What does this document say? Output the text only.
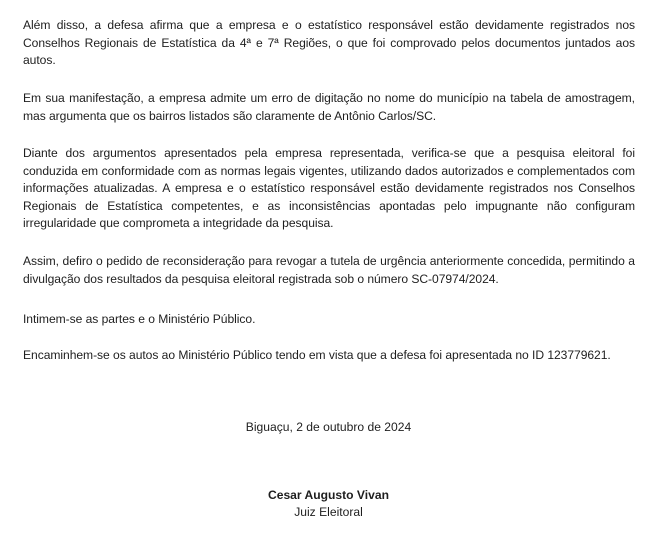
Além disso, a defesa afirma que a empresa e o estatístico responsável estão devidamente registrados nos Conselhos Regionais de Estatística da 4ª e 7ª Regiões, o que foi comprovado pelos documentos juntados aos autos.

Em sua manifestação, a empresa admite um erro de digitação no nome do município na tabela de amostragem, mas argumenta que os bairros listados são claramente de Antônio Carlos/SC.

Diante dos argumentos apresentados pela empresa representada, verifica-se que a pesquisa eleitoral foi conduzida em conformidade com as normas legais vigentes, utilizando dados autorizados e complementados com informações atualizadas. A empresa e o estatístico responsável estão devidamente registrados nos Conselhos Regionais de Estatística competentes, e as inconsistências apontadas pelo impugnante não configuram irregularidade que comprometa a integridade da pesquisa.

Assim, defiro o pedido de reconsideração para revogar a tutela de urgência anteriormente concedida, permitindo a divulgação dos resultados da pesquisa eleitoral registrada sob o número SC-07974/2024.

Intimem-se as partes e o Ministério Público.

Encaminhem-se os autos ao Ministério Público tendo em vista que a defesa foi apresentada no ID 123779621.

Biguaçu, 2 de outubro de 2024

Cesar Augusto Vivan
Juiz Eleitoral
